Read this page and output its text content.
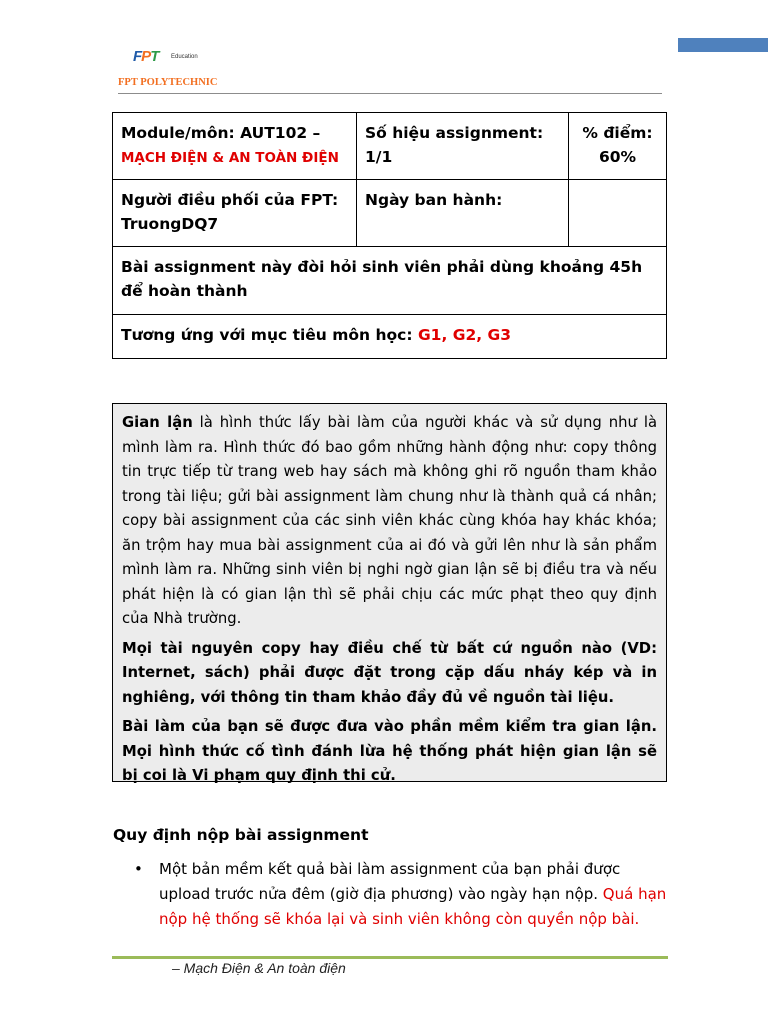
FPT Education
FPT POLYTECHNIC
Module/môn: AUT102 –
MẠCH ĐIỆN & AN TOÀN ĐIỆN	Số hiệu assignment: 1/1	% điểm: 60%
Người điều phối của FPT: TruongDQ7	Ngày ban hành:	
Bài assignment này đòi hỏi sinh viên phải dùng khoảng 45h để hoàn thành		
Tương ứng với mục tiêu môn học: G1, G2, G3		

Gian lận là hình thức lấy bài làm của người khác và sử dụng như là mình làm ra. Hình thức đó bao gồm những hành động như: copy thông tin trực tiếp từ trang web hay sách mà không ghi rõ nguồn tham khảo trong tài liệu; gửi bài assignment làm chung như là thành quả cá nhân; copy bài assignment của các sinh viên khác cùng khóa hay khác khóa; ăn trộm hay mua bài assignment của ai đó và gửi lên như là sản phẩm mình làm ra. Những sinh viên bị nghi ngờ gian lận sẽ bị điều tra và nếu phát hiện là có gian lận thì sẽ phải chịu các mức phạt theo quy định của Nhà trường.

Mọi tài nguyên copy hay điều chế từ bất cứ nguồn nào (VD: Internet, sách) phải được đặt trong cặp dấu nháy kép và in nghiêng, với thông tin tham khảo đầy đủ về nguồn tài liệu.

Bài làm của bạn sẽ được đưa vào phần mềm kiểm tra gian lận. Mọi hình thức cố tình đánh lừa hệ thống phát hiện gian lận sẽ bị coi là Vi phạm quy định thi cử.

Quy định nộp bài assignment
• Một bản mềm kết quả bài làm assignment của bạn phải được upload trước nửa đêm (giờ địa phương) vào ngày hạn nộp. Quá hạn nộp hệ thống sẽ khóa lại và sinh viên không còn quyền nộp bài.
– Mạch Điện & An toàn điện
